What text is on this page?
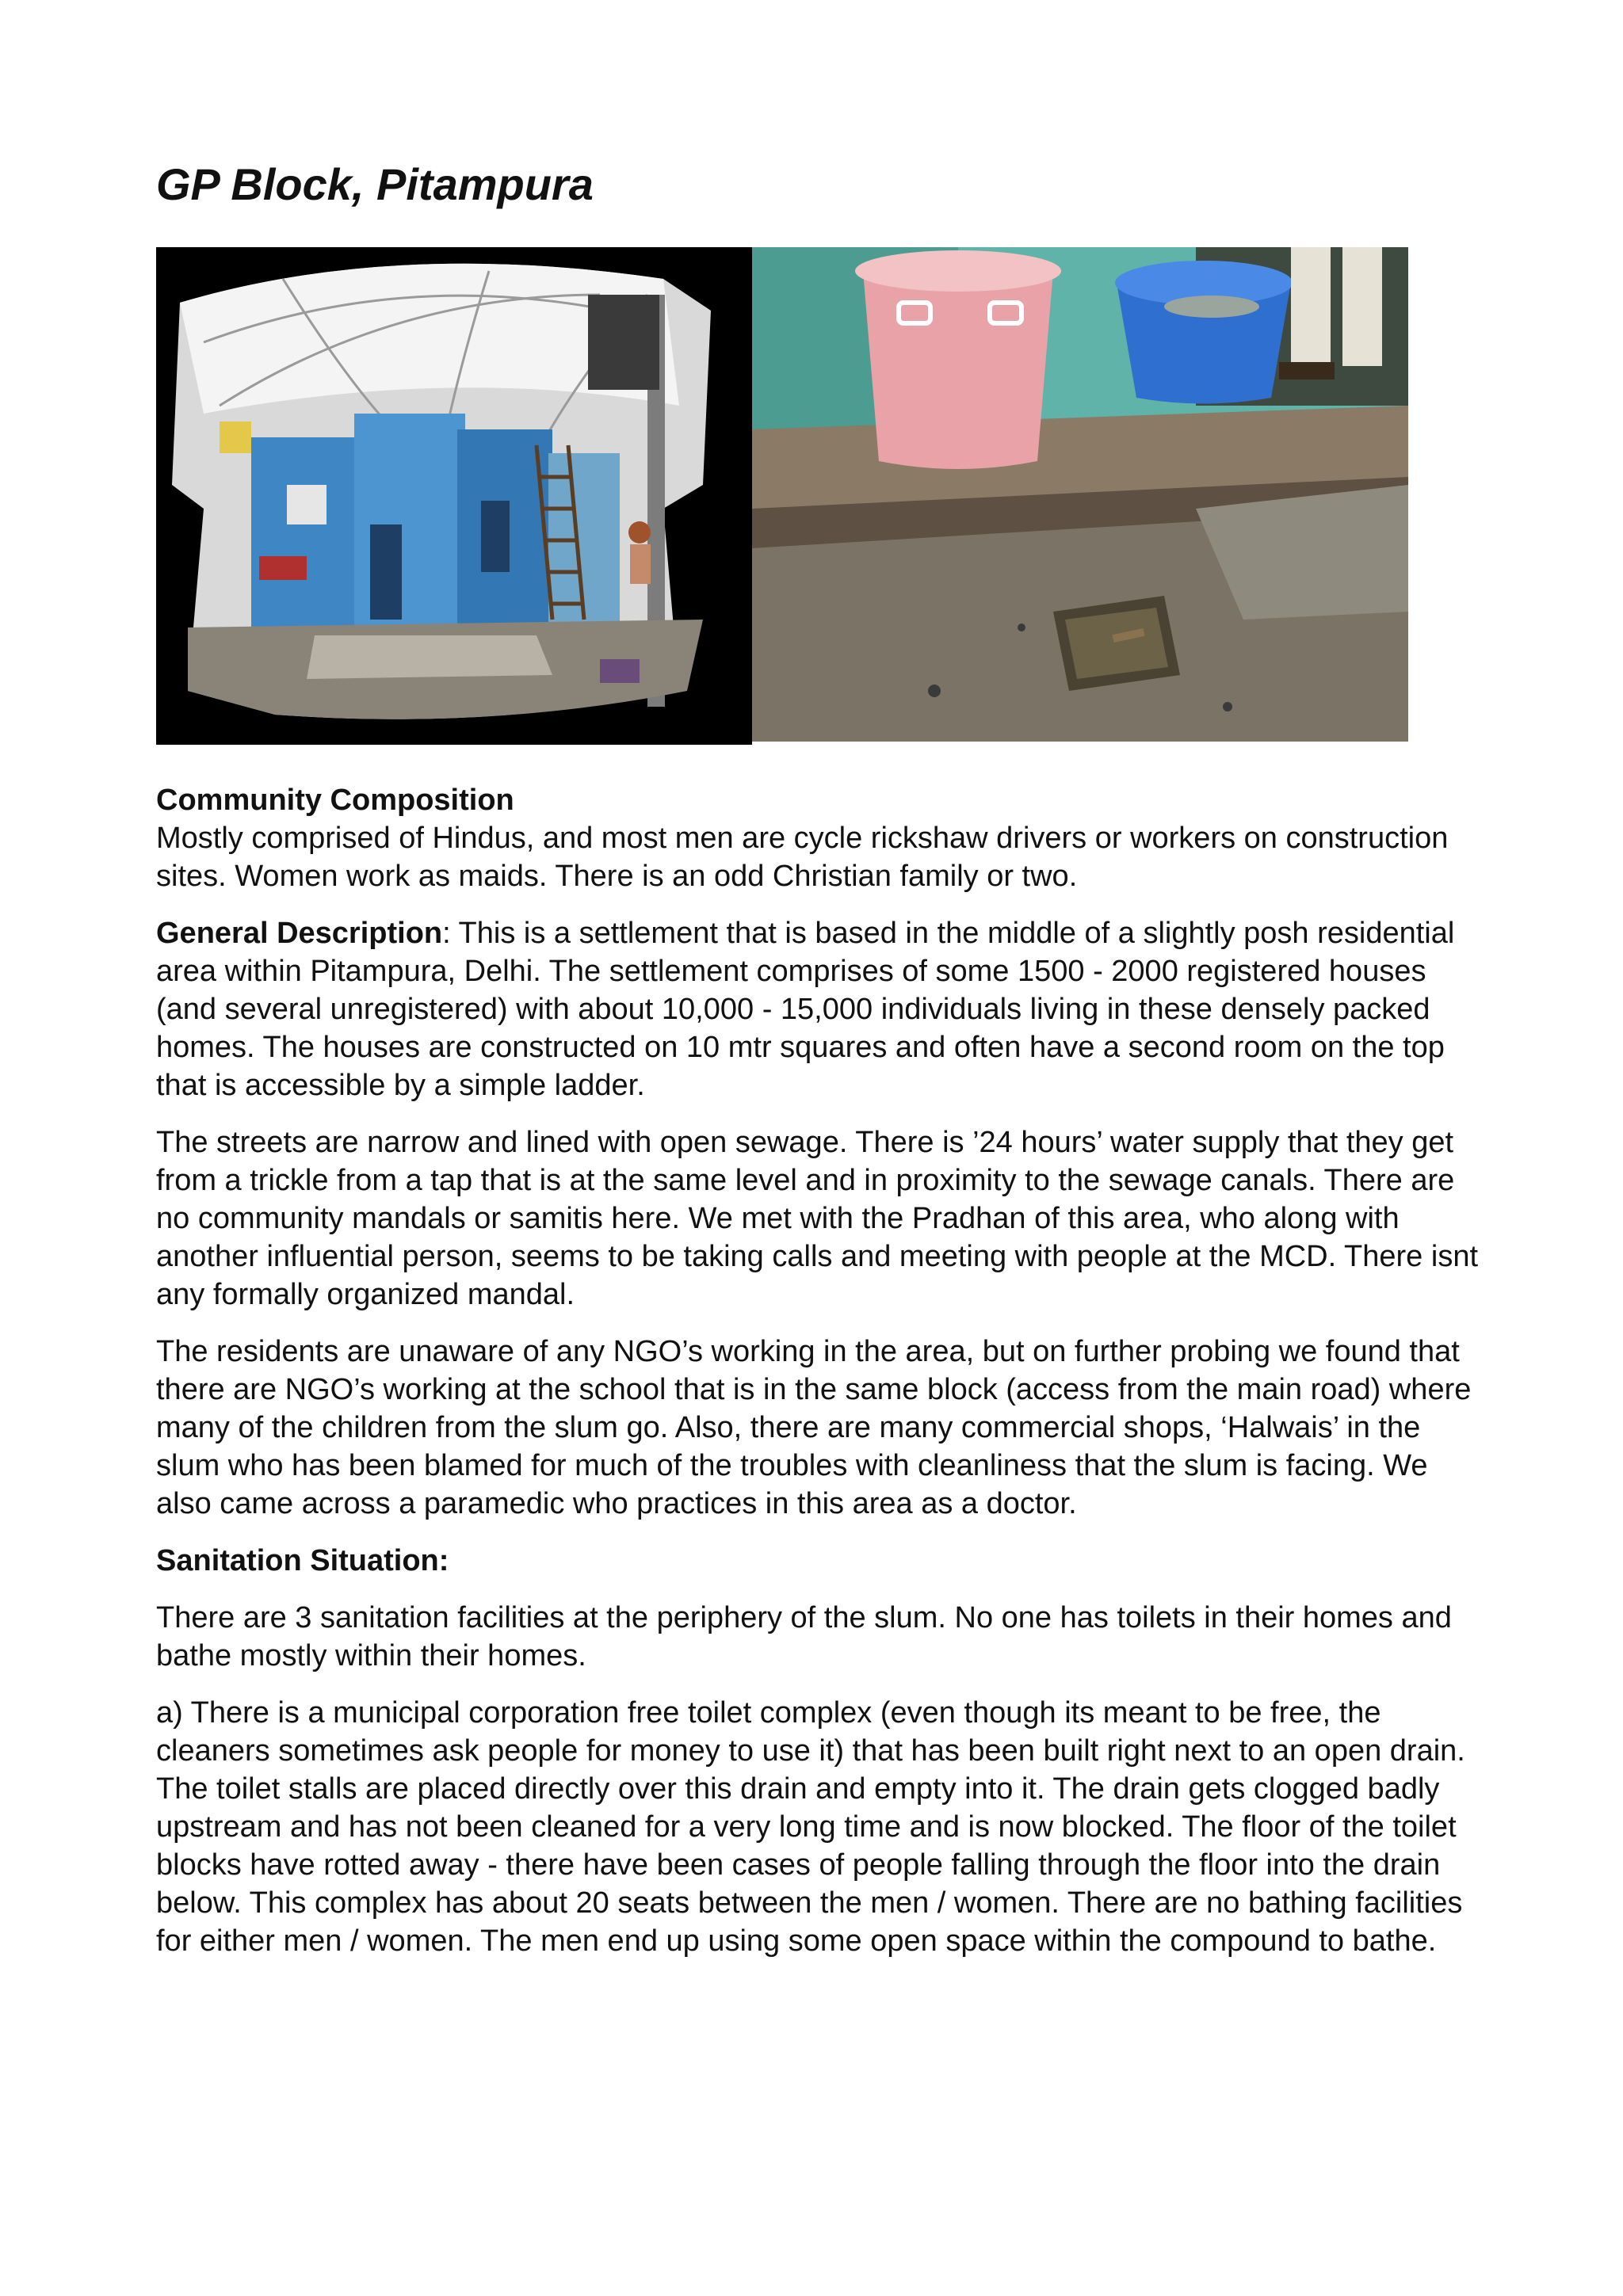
GP Block, Pitampura

Community Composition
Mostly comprised of Hindus, and most men are cycle rickshaw drivers or workers on construction sites. Women work as maids. There is an odd Christian family or two.

General Description: This is a settlement that is based in the middle of a slightly posh residential area within Pitampura, Delhi. The settlement comprises of some 1500 - 2000 registered houses (and several unregistered) with about 10,000 - 15,000 individuals living in these densely packed homes. The houses are constructed on 10 mtr squares and often have a second room on the top that is accessible by a simple ladder.

The streets are narrow and lined with open sewage. There is ’24 hours’ water supply that they get from a trickle from a tap that is at the same level and in proximity to the sewage canals. There are no community mandals or samitis here. We met with the Pradhan of this area, who along with another influential person, seems to be taking calls and meeting with people at the MCD. There isnt any formally organized mandal.

The residents are unaware of any NGO’s working in the area, but on further probing we found that there are NGO’s working at the school that is in the same block (access from the main road) where many of the children from the slum go. Also, there are many commercial shops, ‘Halwais’ in the slum who has been blamed for much of the troubles with cleanliness that the slum is facing. We also came across a paramedic who practices in this area as a doctor.

Sanitation Situation:

There are 3 sanitation facilities at the periphery of the slum. No one has toilets in their homes and bathe mostly within their homes.

a) There is a municipal corporation free toilet complex (even though its meant to be free, the cleaners sometimes ask people for money to use it) that has been built right next to an open drain. The toilet stalls are placed directly over this drain and empty into it. The drain gets clogged badly upstream and has not been cleaned for a very long time and is now blocked. The floor of the toilet blocks have rotted away - there have been cases of people falling through the floor into the drain below. This complex has about 20 seats between the men / women. There are no bathing facilities for either men / women. The men end up using some open space within the compound to bathe.
